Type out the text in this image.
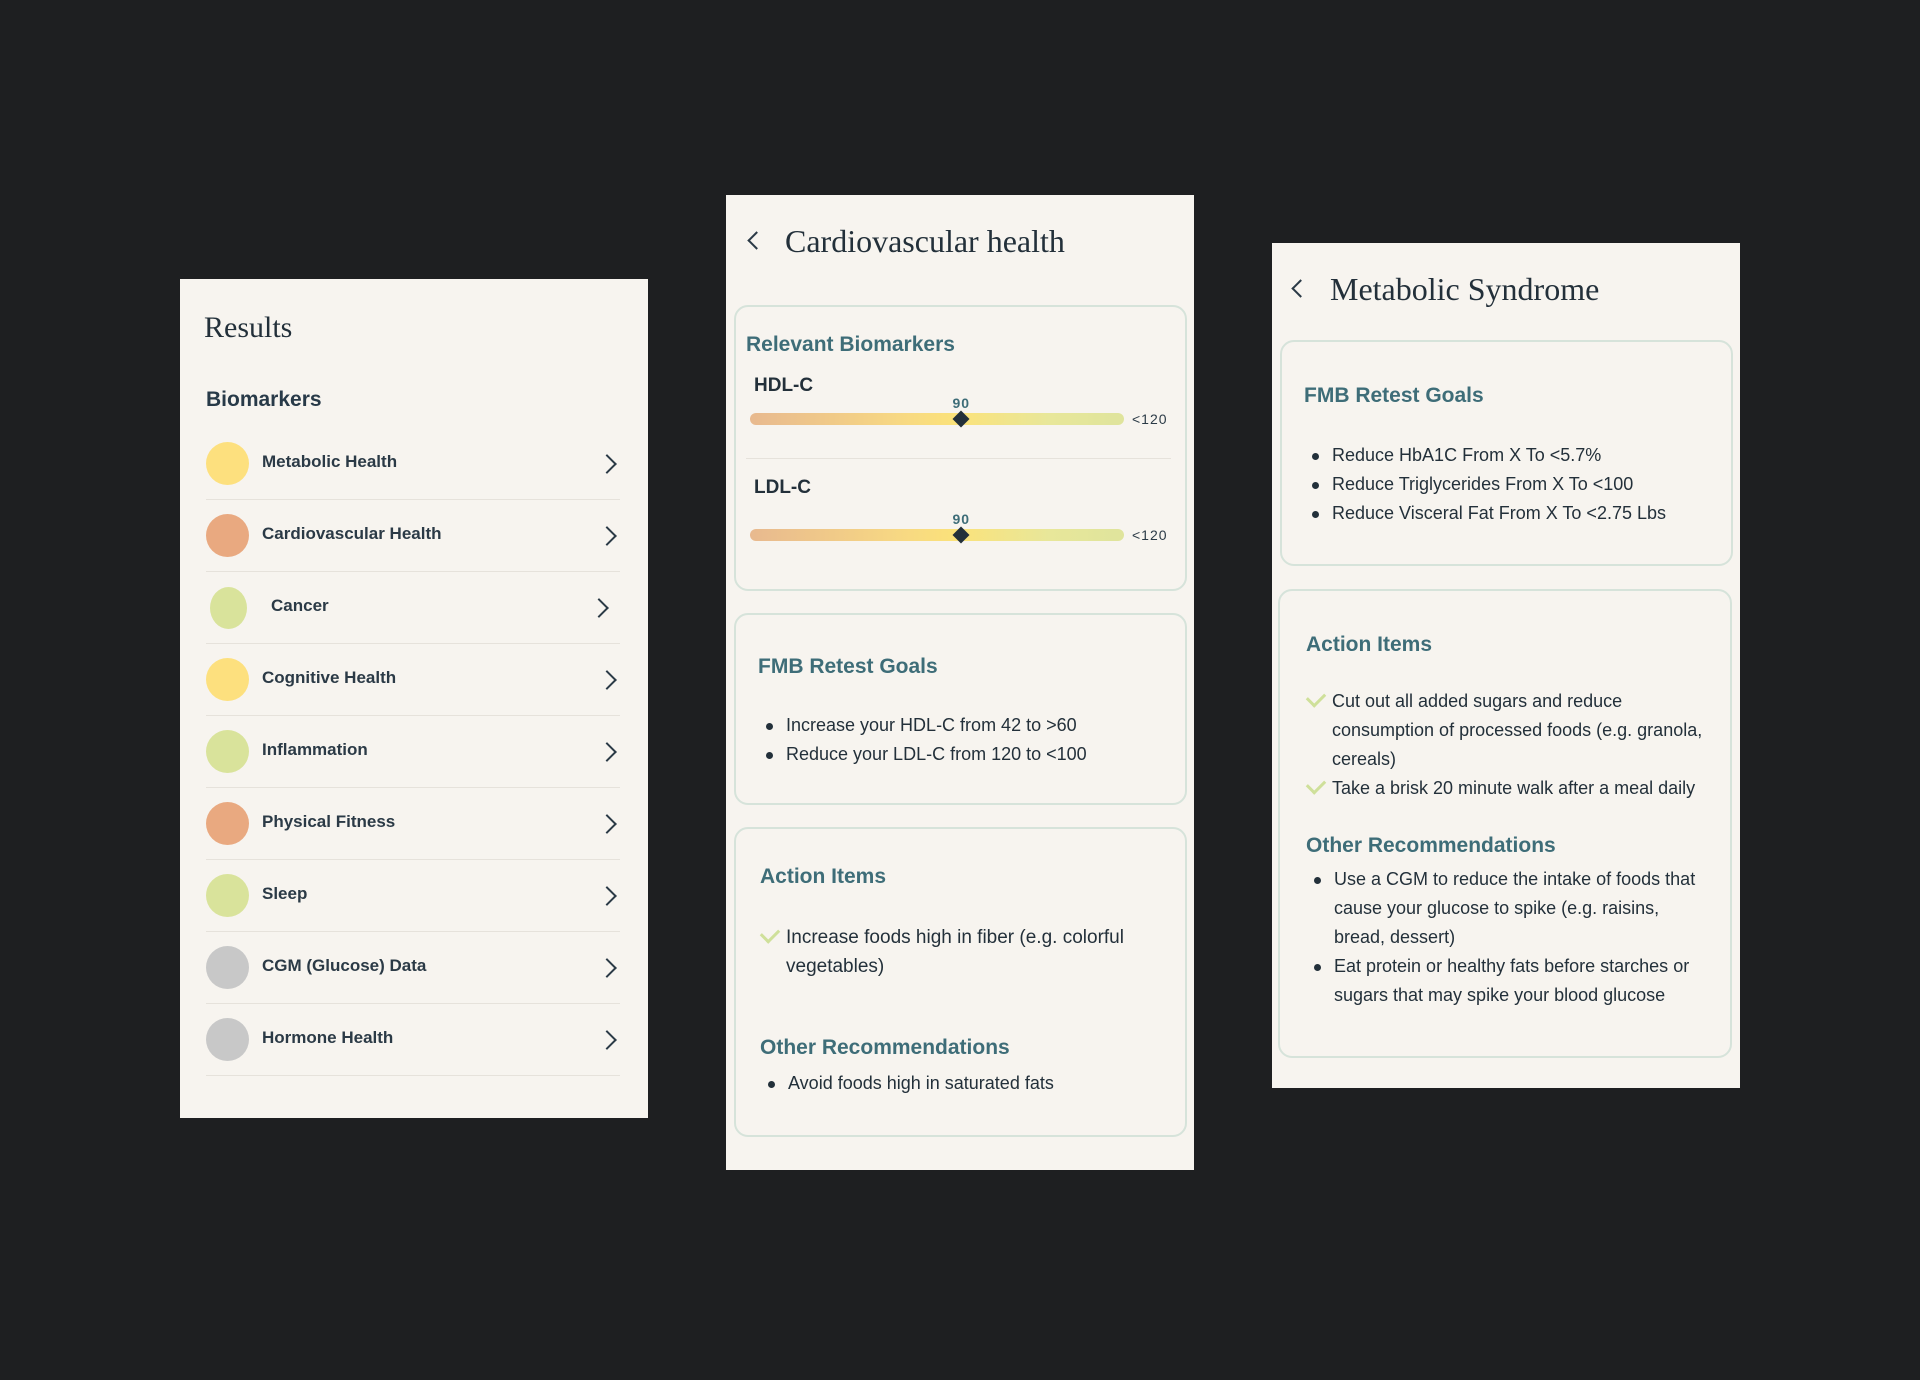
Results
Biomarkers
Metabolic Health
Cardiovascular Health
Cancer
Cognitive Health
Inflammation
Physical Fitness
Sleep
CGM (Glucose) Data
Hormone Health
Cardiovascular health
Relevant Biomarkers
HDL-C
90
<120
LDL-C
90
<120
FMB Retest Goals
Increase your HDL-C from 42 to >60
Reduce your LDL-C from 120 to <100
Action Items
Increase foods high in fiber (e.g. colorful vegetables)
Other Recommendations
Avoid foods high in saturated fats
Metabolic Syndrome
FMB Retest Goals
Reduce HbA1C From X To <5.7%
Reduce Triglycerides From X To <100
Reduce Visceral Fat From X To <2.75 Lbs
Action Items
Cut out all added sugars and reduce consumption of processed foods (e.g. granola, cereals)
Take a brisk 20 minute walk after a meal daily
Other Recommendations
Use a CGM to reduce the intake of foods that cause your glucose to spike (e.g. raisins, bread, dessert)
Eat protein or healthy fats before starches or sugars that may spike your blood glucose
